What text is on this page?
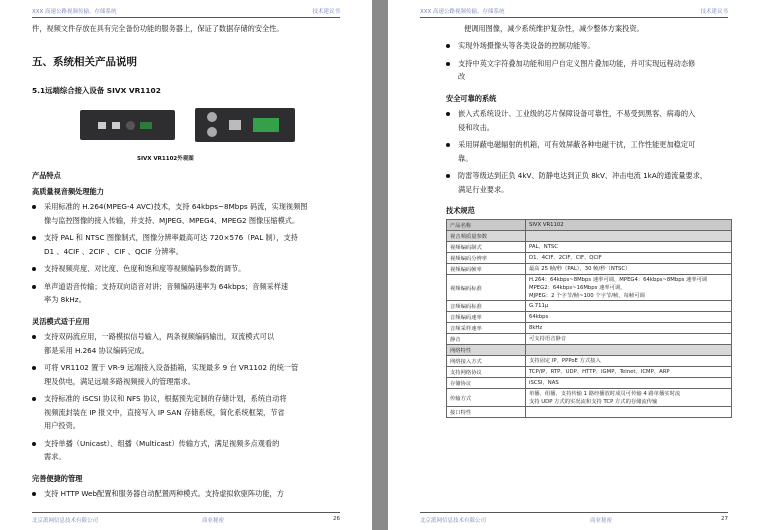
XXX 高速公路视频传输、存储系统	技术建议书
件，视频文件存放在具有完全备份功能的服务器上，保证了数据存储的安全性。
五、系统相关产品说明
5.1远端综合接入设备 SIVX VR1102
SIVX VR1102外观图
产品特点
高质量视音频处理能力
采用标准的 H.264(MPEG-4 AVC)技术，支持 64kbps~8Mbps 码流，实现视频图
像与监控图像的接入传输，并支持、MJPEG、MPEG4、MPEG2 图像压缩模式。
支持 PAL 和 NTSC 图像制式，图像分辨率最高可达 720×576（PAL 制），支持
D1 、4CIF 、2CIF 、CIF 、QCIF 分辨率。
支持视频亮度、对比度、色度和饱和度等视频编码参数的调节。
单声道语音传输；支持双向语音对讲；音频编码速率为 64kbps；音频采样速
率为 8kHz。
灵活模式适于应用
支持双码流应用，一路模拟信号输入，两条视频编码输出，双流模式可以
都是采用 H.264 协议编码完成。
可将 VR1102 置于 VR-9 远端接入设备插箱，实现最多 9 台 VR1102 的统一管
理及供电，满足远端多路视频接入的管理需求。
支持标准的 iSCSI 协议和 NFS 协议，根据预先定制的存储计划，系统自动将
视频流封装在 IP 报文中，直接写入 IP SAN 存储系统，简化系统框架，节省
用户投资。
支持单播（Unicast）、组播（Multicast）传输方式，满足视频多点观看的
需求。
完善便捷的管理
支持 HTTP Web配置和服务器自动配置两种模式。支持虚拟软驱阵功能，方
北京派网信息技术有限公司	商业秘密	26
XXX 高速公路视频传输、存储系统	技术建议书
便调用图像，减少系统维护复杂性，减少整体方案投资。
实现外场摄像头等各类设备的控制功能等。
支持中英文字符叠加功能和用户自定义图片叠加功能，并可实现远程动态修
改
安全可靠的系统
嵌入式系统设计、工业级的芯片保障设备可靠性，不易受到黑客、病毒的入
侵和攻击。
采用屏蔽电磁辐射的机箱，可有效屏蔽各种电磁干扰，工作性能更加稳定可
靠。
防雷等级达到正负 4kV、防静电达到正负 8kV、冲击电流 1kA的通流量要求，
满足行业要求。
技术规范
产品名称	SIVX VR1102

视音频质量参数	
视频编码制式	PAL、NTSC

视频编码分辨率	D1、4CIF、2CIF、CIF、QCIF

视频编码帧率	最高 25 帧/秒（PAL），30 帧/秒（NTSC）

视频编码标准	H.264：64kbps~8Mbps 速率可调，MPEG4：64kbps~8Mbps 速率可调
MPEG2：64kbps~16Mbps 速率可调，
MJPEG：2 个字节/帧~100 个字节/帧，每帧可调

音频编码标准	G.711μ

音频编码速率	64kbps

音频采样速率	8kHz

静音	可支持语音静音

网络特性	
网络接入方式	支持固定 IP、PPPoE 方式接入

支持网络协议	TCP/IP、RTP、UDP、HTTP、IGMP、Telnet、ICMP、ARP

存储协议	iSCSI、NAS

传输方式	单播、组播，支持传输 1 路经播放时成员可传输 4 路单播实时流
支持 UDP 方式的实况流和支持 TCP 方式的存储流传输

接口特性	
北京派网信息技术有限公司	商业秘密	27
